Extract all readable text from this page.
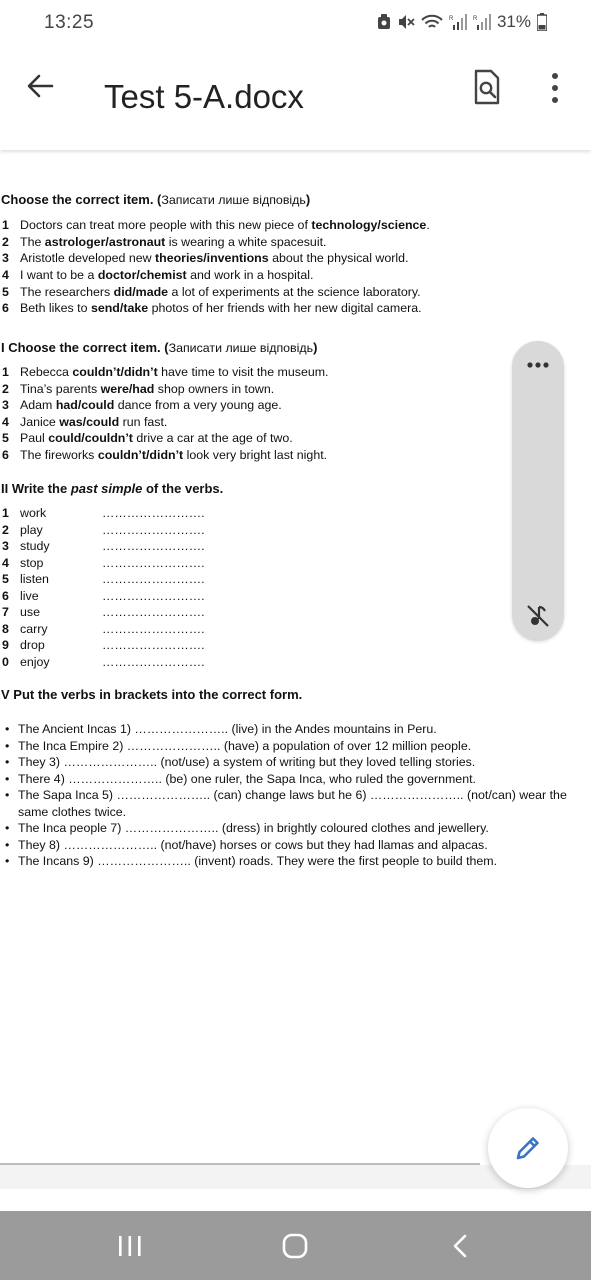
13:25	R	R 31%
Test 5-A.docx
Choose the correct item. (Записати лише відповідь)
1 Doctors can treat more people with this new piece of technology/science.
2 The astrologer/astronaut is wearing a white spacesuit.
3 Aristotle developed new theories/inventions about the physical world.
4 I want to be a doctor/chemist and work in a hospital.
5 The researchers did/made a lot of experiments at the science laboratory.
6 Beth likes to send/take photos of her friends with her new digital camera.
I Choose the correct item. (Записати лише відповідь)
1 Rebecca couldn’t/didn’t have time to visit the museum.
2 Tina’s parents were/had shop owners in town.
3 Adam had/could dance from a very young age.
4 Janice was/could run fast.
5 Paul could/couldn’t drive a car at the age of two.
6 The fireworks couldn’t/didn’t look very bright last night.
II Write the past simple of the verbs.
1 work	…………………….
2 play	…………………….
3 study	…………………….
4 stop	…………………….
5 listen	…………………….
6 live	…………………….
7 use	…………………….
8 carry	…………………….
9 drop	…………………….
0 enjoy	…………………….
V Put the verbs in brackets into the correct form.
• The Ancient Incas 1) ………………….. (live) in the Andes mountains in Peru.
• The Inca Empire 2) ………………….. (have) a population of over 12 million people.
• They 3) ………………….. (not/use) a system of writing but they loved telling stories.
• There 4) ………………….. (be) one ruler, the Sapa Inca, who ruled the government.
• The Sapa Inca 5) ………………….. (can) change laws but he 6) ………………….. (not/can) wear the same clothes twice.
• The Inca people 7) ………………….. (dress) in brightly coloured clothes and jewellery.
• They 8) ………………….. (not/have) horses or cows but they had llamas and alpacas.
• The Incans 9) ………………….. (invent) roads. They were the first people to build them.
